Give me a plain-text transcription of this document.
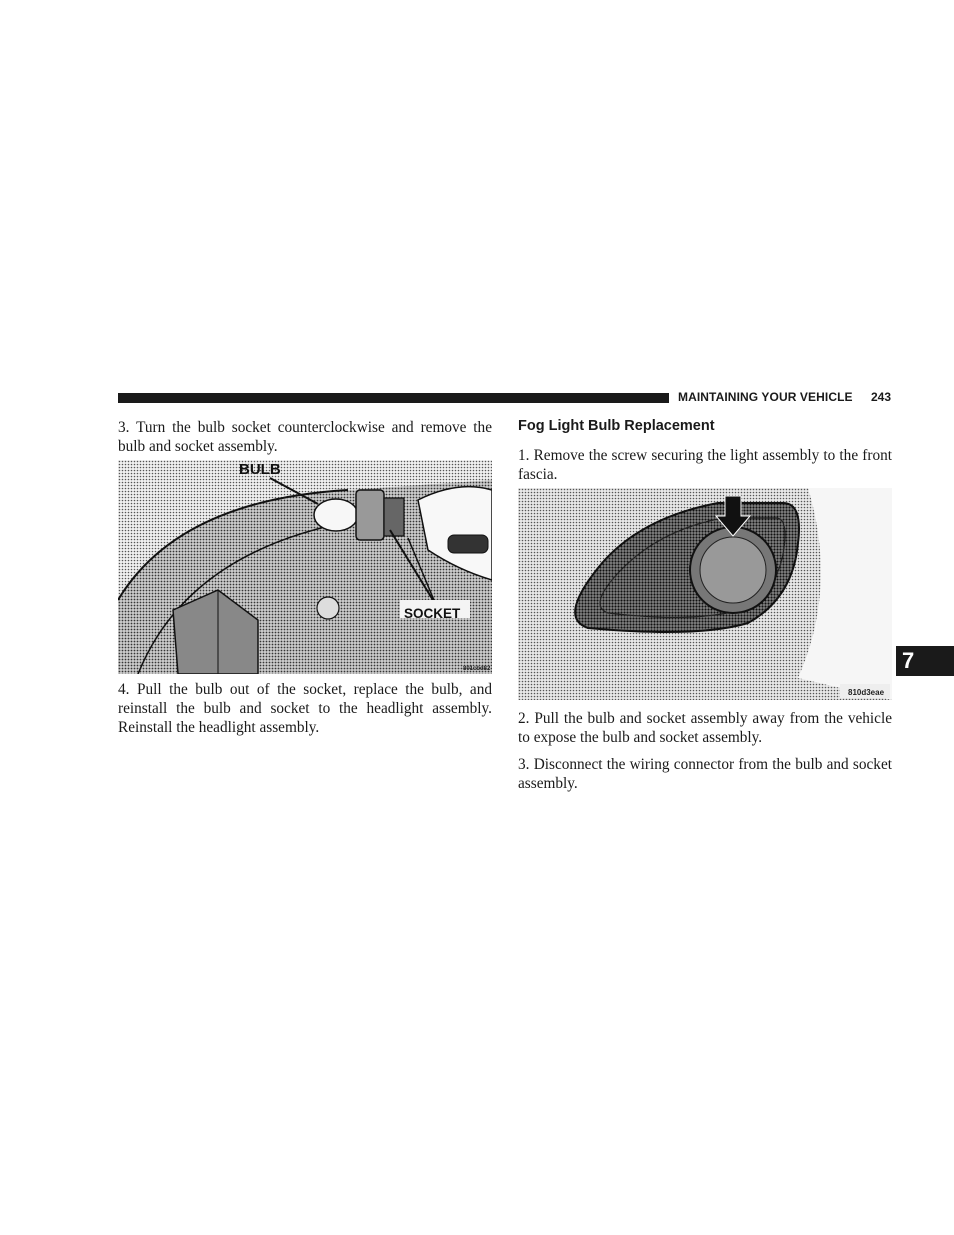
MAINTAINING YOUR VEHICLE 243

3. Turn the bulb socket counterclockwise and remove the bulb and socket assembly.

BULB
SOCKET
801cbd82

4. Pull the bulb out of the socket, replace the bulb, and reinstall the bulb and socket to the headlight assembly. Reinstall the headlight assembly.

Fog Light Bulb Replacement

1. Remove the screw securing the light assembly to the front fascia.

810d3eae

2. Pull the bulb and socket assembly away from the vehicle to expose the bulb and socket assembly.

3. Disconnect the wiring connector from the bulb and socket assembly.

7
